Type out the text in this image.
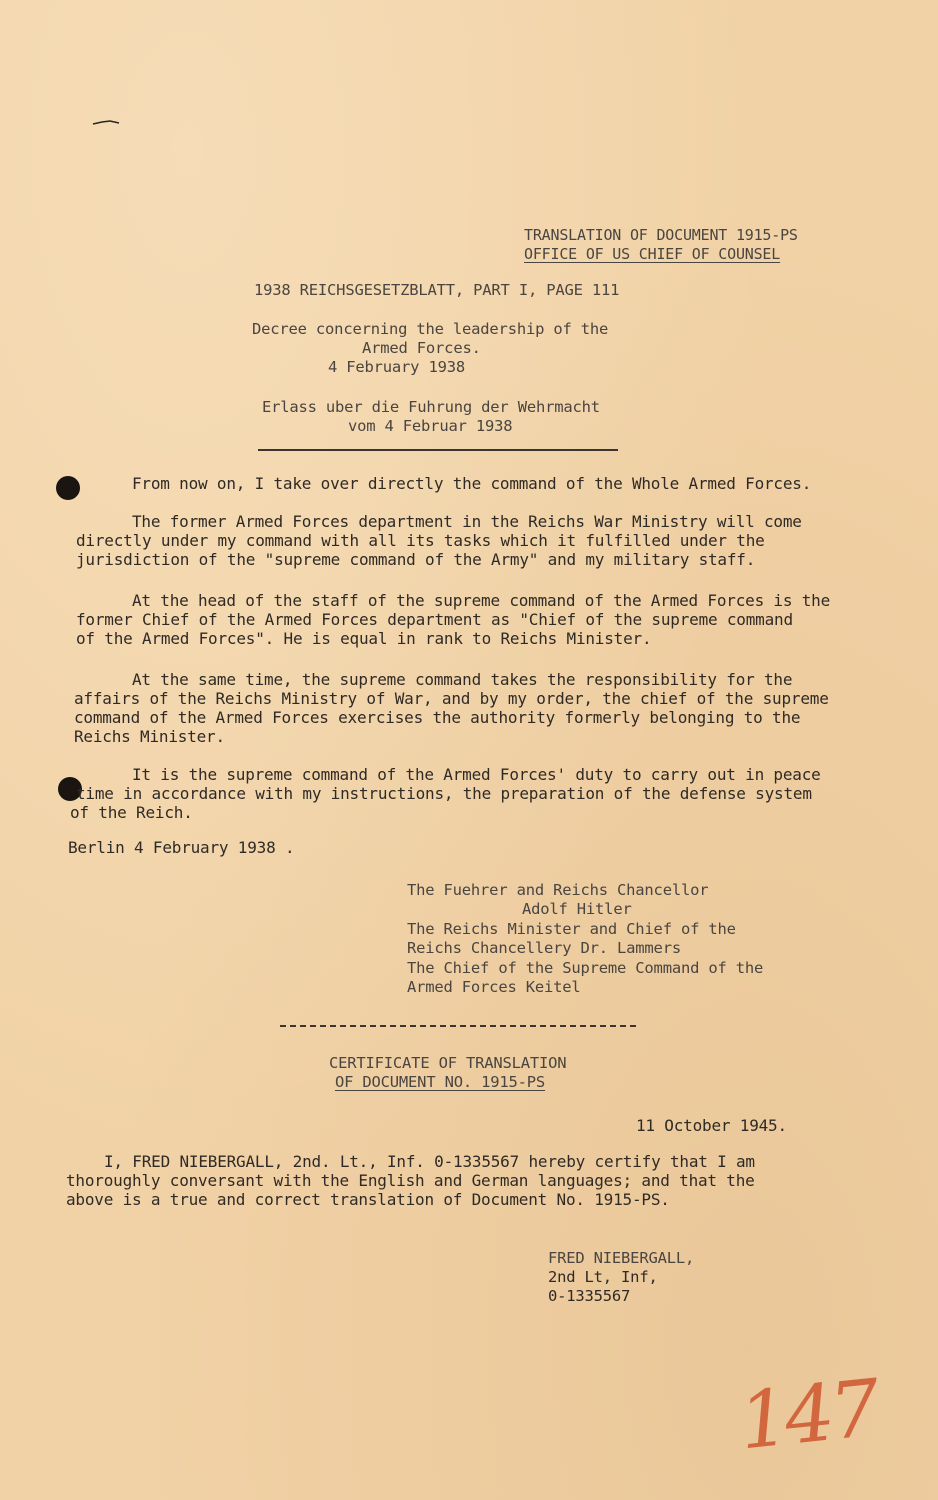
TRANSLATION OF DOCUMENT 1915-PS
OFFICE OF US CHIEF OF COUNSEL
1938 REICHSGESETZBLATT, PART I, PAGE 111
Decree concerning the leadership of the
Armed Forces.
4 February 1938
Erlass uber die Fuhrung der Wehrmacht
vom 4 Februar 1938
From now on, I take over directly the command of the Whole Armed Forces.
The former Armed Forces department in the Reichs War Ministry will come
directly under my command with all its tasks which it fulfilled under the
jurisdiction of the "supreme command of the Army" and my military staff.
At the head of the staff of the supreme command of the Armed Forces is the
former Chief of the Armed Forces department as "Chief of the supreme command
of the Armed Forces". He is equal in rank to Reichs Minister.
At the same time, the supreme command takes the responsibility for the
affairs of the Reichs Ministry of War, and by my order, the chief of the supreme
command of the Armed Forces exercises the authority formerly belonging to the
Reichs Minister.
It is the supreme command of the Armed Forces' duty to carry out in peace
time in accordance with my instructions, the preparation of the defense system
of the Reich.
Berlin 4 February 1938 .
The Fuehrer and Reichs Chancellor
Adolf Hitler
The Reichs Minister and Chief of the
Reichs Chancellery Dr. Lammers
The Chief of the Supreme Command of the
Armed Forces Keitel
CERTIFICATE OF TRANSLATION
OF DOCUMENT NO. 1915-PS
11 October 1945.
I, FRED NIEBERGALL, 2nd. Lt., Inf. 0-1335567 hereby certify that I am
thoroughly conversant with the English and German languages; and that the
above is a true and correct translation of Document No. 1915-PS.
FRED NIEBERGALL,
2nd Lt, Inf,
0-1335567
147
